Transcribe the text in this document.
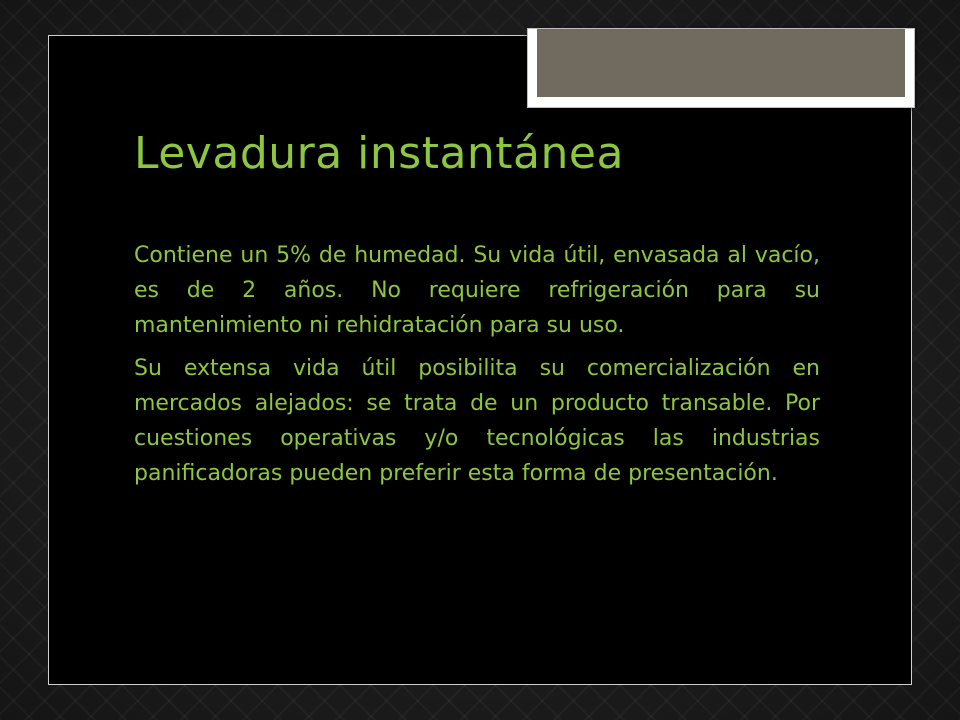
Levadura instantánea

Contiene un 5% de humedad. Su vida útil, envasada al vacío, es de 2 años. No requiere refrigeración para su mantenimiento ni rehidratación para su uso.

Su extensa vida útil posibilita su comercialización en mercados alejados: se trata de un producto transable. Por cuestiones operativas y/o tecnológicas las industrias panificadoras pueden preferir esta forma de presentación.
